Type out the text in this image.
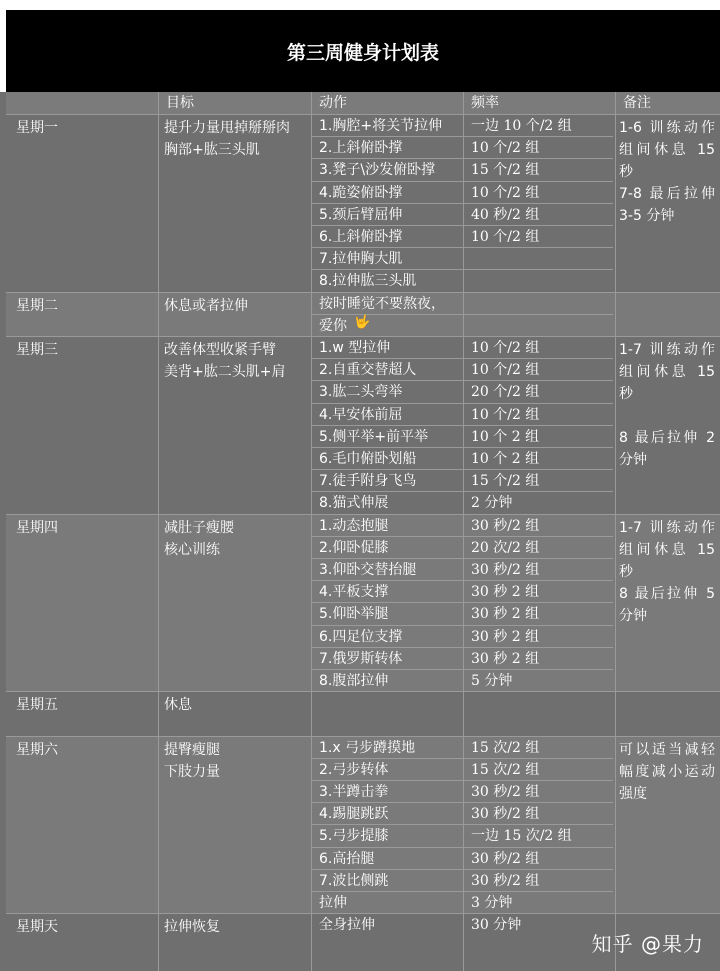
第三周健身计划表
目标	动作	频率	备注
星期一	提升力量甩掉掰掰肉
胸部+肱三头肌
1.胸腔+将关节拉伸	一边 10 个/2 组
2.上斜俯卧撑	10 个/2 组
3.凳子\沙发俯卧撑	15 个/2 组
4.跪姿俯卧撑	10 个/2 组
5.颈后臂屈伸	40 秒/2 组
6.上斜俯卧撑	10 个/2 组
7.拉伸胸大肌
8.拉伸肱三头肌
1-6 训练动作组间休息 15 秒
7-8 最后拉伸 3-5 分钟
星期二	休息或者拉伸	按时睡觉不要熬夜，
爱你 🤟
星期三	改善体型收紧手臂
美背+肱二头肌+肩
1.w 型拉伸	10 个/2 组
2.自重交替超人	10 个/2 组
3.肱二头弯举	20 个/2 组
4.早安体前屈	10 个/2 组
5.侧平举+前平举	10 个 2 组
6.毛巾俯卧划船	10 个 2 组
7.徒手附身飞鸟	15 个/2 组
8.猫式伸展	2 分钟
1-7 训练动作组间休息 15 秒
8 最后拉伸 2 分钟
星期四	减肚子瘦腰
核心训练
1.动态抱腿	30 秒/2 组
2.仰卧促膝	20 次/2 组
3.仰卧交替抬腿	30 秒/2 组
4.平板支撑	30 秒 2 组
5.仰卧举腿	30 秒 2 组
6.四足位支撑	30 秒 2 组
7.俄罗斯转体	30 秒 2 组
8.腹部拉伸	5 分钟
1-7 训练动作组间休息 15 秒
8 最后拉伸 5 分钟
星期五	休息
星期六	提臀瘦腿
下肢力量
1.x 弓步蹲摸地	15 次/2 组
2.弓步转体	15 次/2 组
3.半蹲击拳	30 秒/2 组
4.踢腿跳跃	30 秒/2 组
5.弓步提膝	一边 15 次/2 组
6.高抬腿	30 秒/2 组
7.波比侧跳	30 秒/2 组
拉伸	3 分钟
可以适当减轻幅度减小运动强度
星期天	拉伸恢复	全身拉伸	30 分钟
知乎 @果力
